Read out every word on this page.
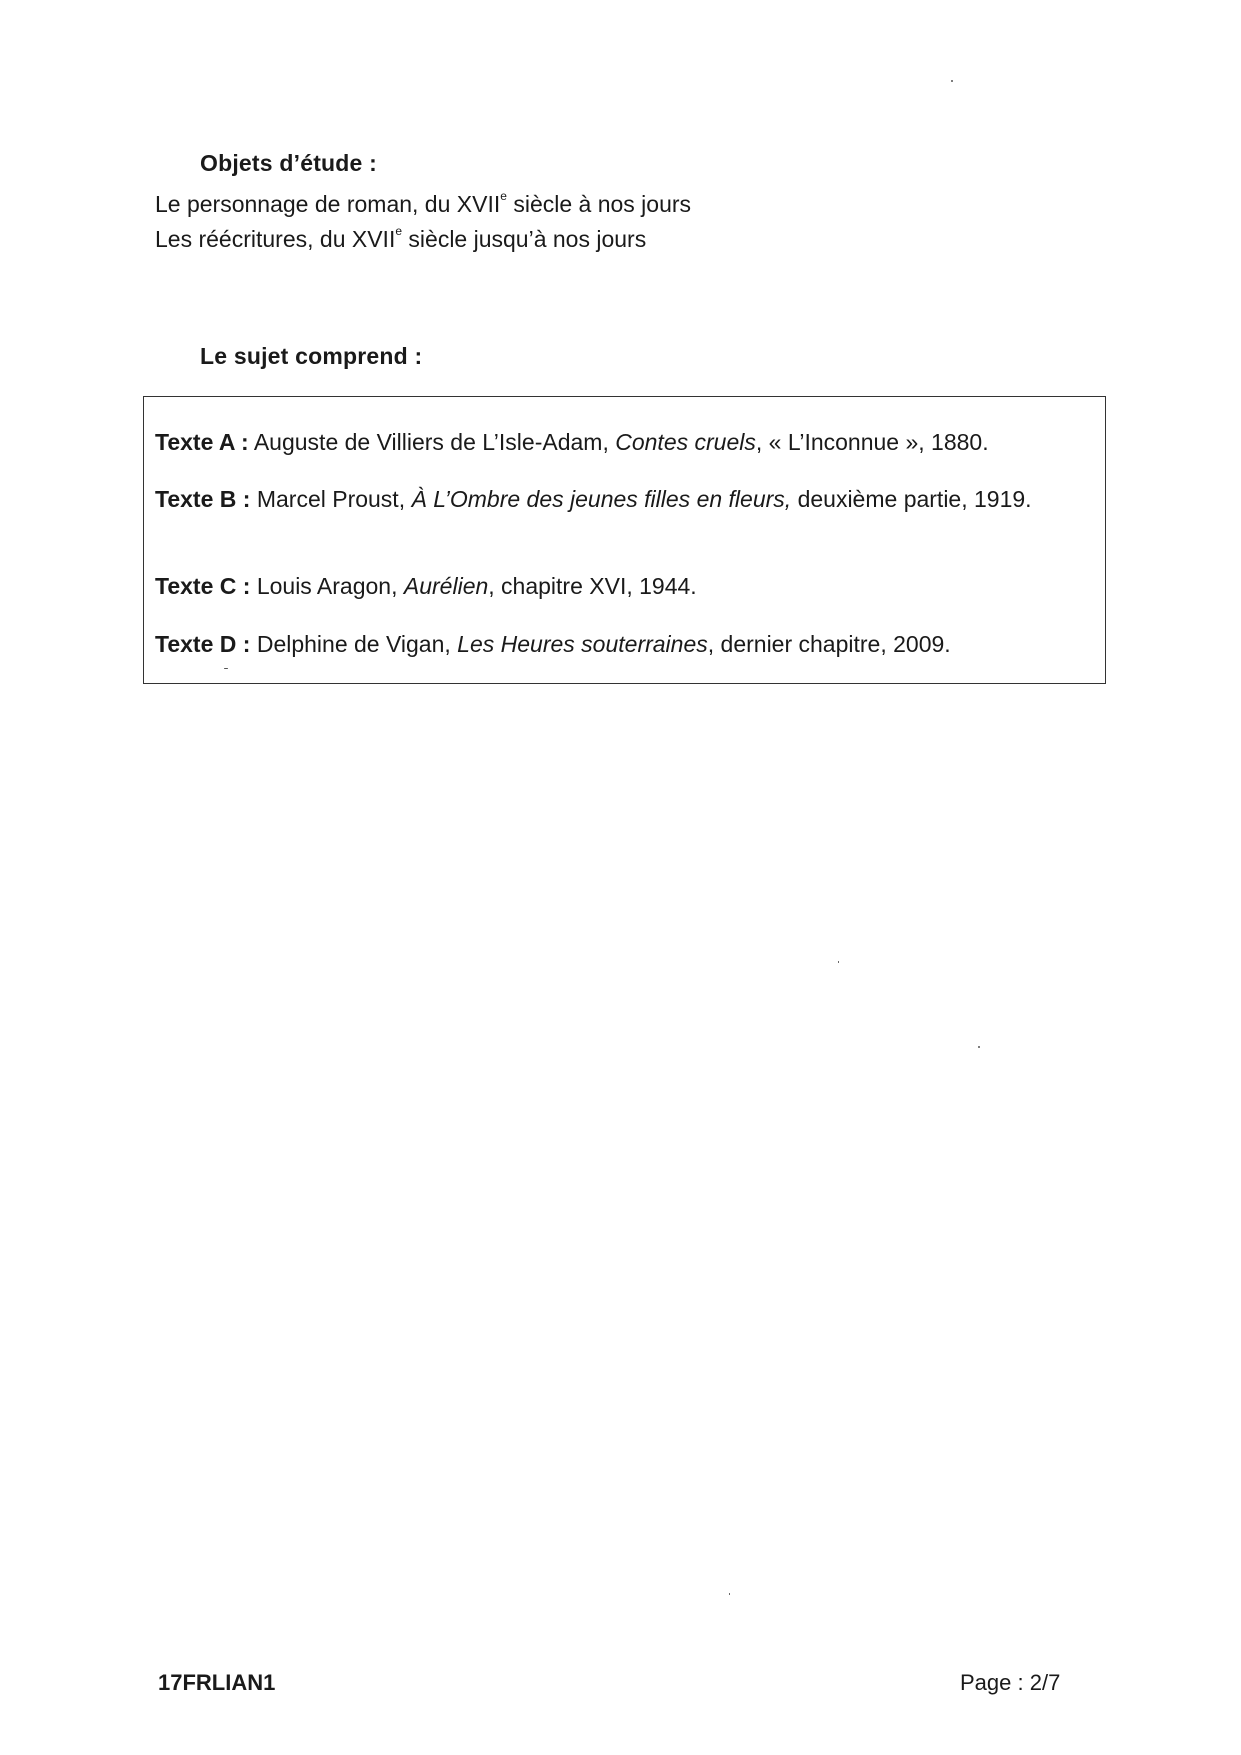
Objets d’étude :
Le personnage de roman, du XVIIe siècle à nos jours
Les réécritures, du XVIIe siècle jusqu’à nos jours
Le sujet comprend :
Texte A : Auguste de Villiers de L’Isle-Adam, Contes cruels, « L’Inconnue », 1880.
Texte B : Marcel Proust, À L’Ombre des jeunes filles en fleurs, deuxième partie, 1919.
Texte C : Louis Aragon, Aurélien, chapitre XVI, 1944.
Texte D : Delphine de Vigan, Les Heures souterraines, dernier chapitre, 2009.
17FRLIAN1	Page : 2/7
